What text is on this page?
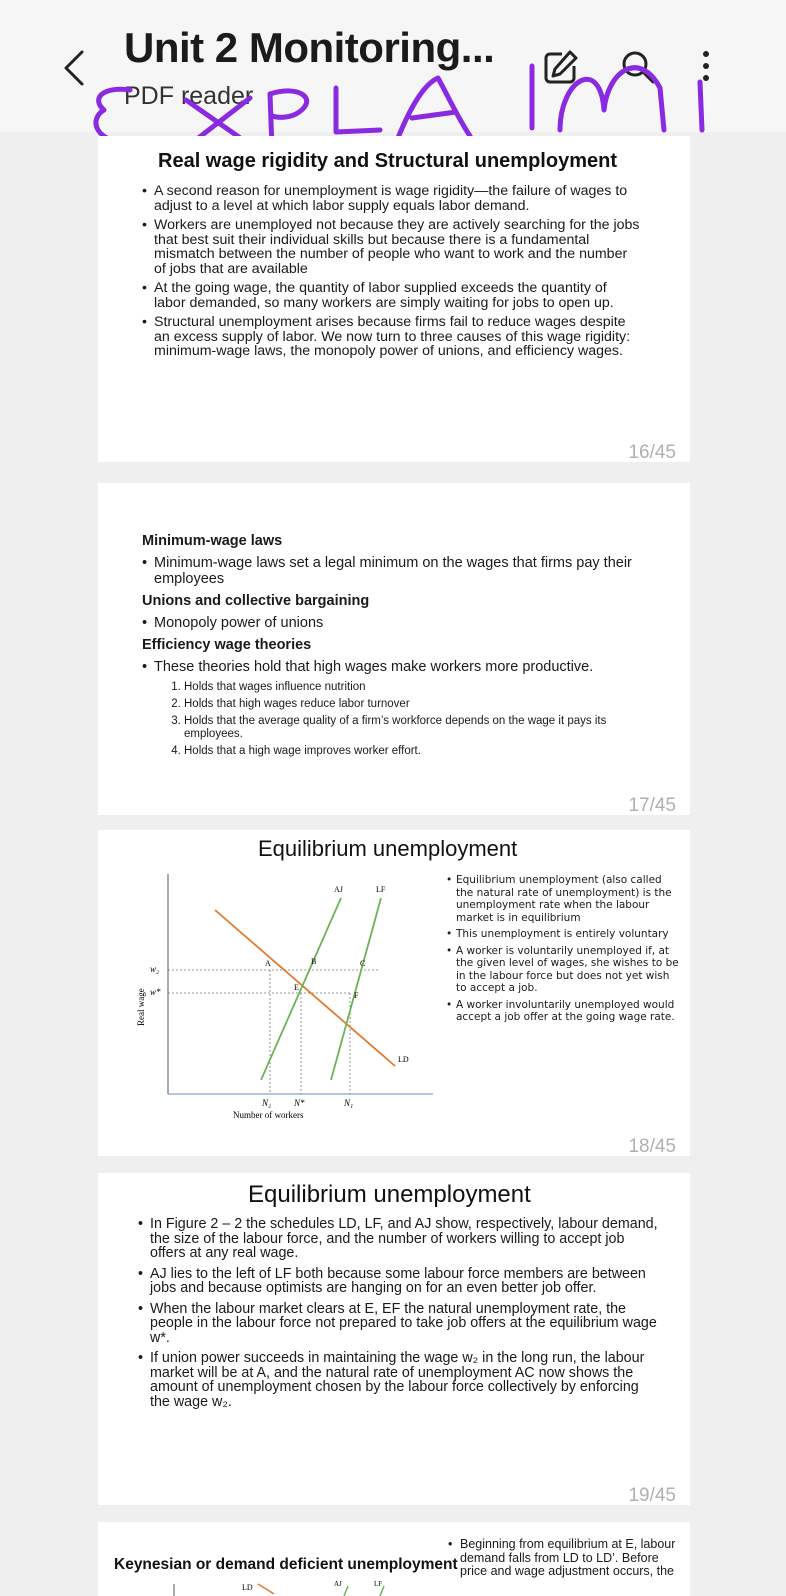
Unit 2 Monitoring...
PDF reader
Real wage rigidity and Structural unemployment
• A second reason for unemployment is wage rigidity—the failure of wages to adjust to a level at which labor supply equals labor demand.
• Workers are unemployed not because they are actively searching for the jobs that best suit their individual skills but because there is a fundamental mismatch between the number of people who want to work and the number of jobs that are available
• At the going wage, the quantity of labor supplied exceeds the quantity of labor demanded, so many workers are simply waiting for jobs to open up.
• Structural unemployment arises because firms fail to reduce wages despite an excess supply of labor. We now turn to three causes of this wage rigidity: minimum-wage laws, the monopoly power of unions, and efficiency wages.
16/45
Minimum-wage laws
• Minimum-wage laws set a legal minimum on the wages that firms pay their employees
Unions and collective bargaining
• Monopoly power of unions
Efficiency wage theories
• These theories hold that high wages make workers more productive.
1. Holds that wages influence nutrition
2. Holds that high wages reduce labor turnover
3. Holds that the average quality of a firm’s workforce depends on the wage it pays its employees.
4. Holds that a high wage improves worker effort.
17/45
Equilibrium unemployment
Real wage
Number of workers
w₂
w*
N₂	N*	N₁
AJ	LF
LD
A	B	C
E
F
• Equilibrium unemployment (also called the natural rate of unemployment) is the unemployment rate when the labour market is in equilibrium
• This unemployment is entirely voluntary
• A worker is voluntarily unemployed if, at the given level of wages, she wishes to be in the labour force but does not yet wish to accept a job.
• A worker involuntarily unemployed would accept a job offer at the going wage rate.
18/45
Equilibrium unemployment
• In Figure 2 – 2 the schedules LD, LF, and AJ show, respectively, labour demand, the size of the labour force, and the number of workers willing to accept job offers at any real wage.
• AJ lies to the left of LF both because some labour force members are between jobs and because optimists are hanging on for an even better job offer.
• When the labour market clears at E, EF the natural unemployment rate, the people in the labour force not prepared to take job offers at the equilibrium wage w*.
• If union power succeeds in maintaining the wage w₂ in the long run, the labour market will be at A, and the natural rate of unemployment AC now shows the amount of unemployment chosen by the labour force collectively by enforcing the wage w₂.
19/45
Keynesian or demand deficient unemployment
• Beginning from equilibrium at E, labour demand falls from LD to LD’. Before price and wage adjustment occurs, the
LD	AJ	LF
